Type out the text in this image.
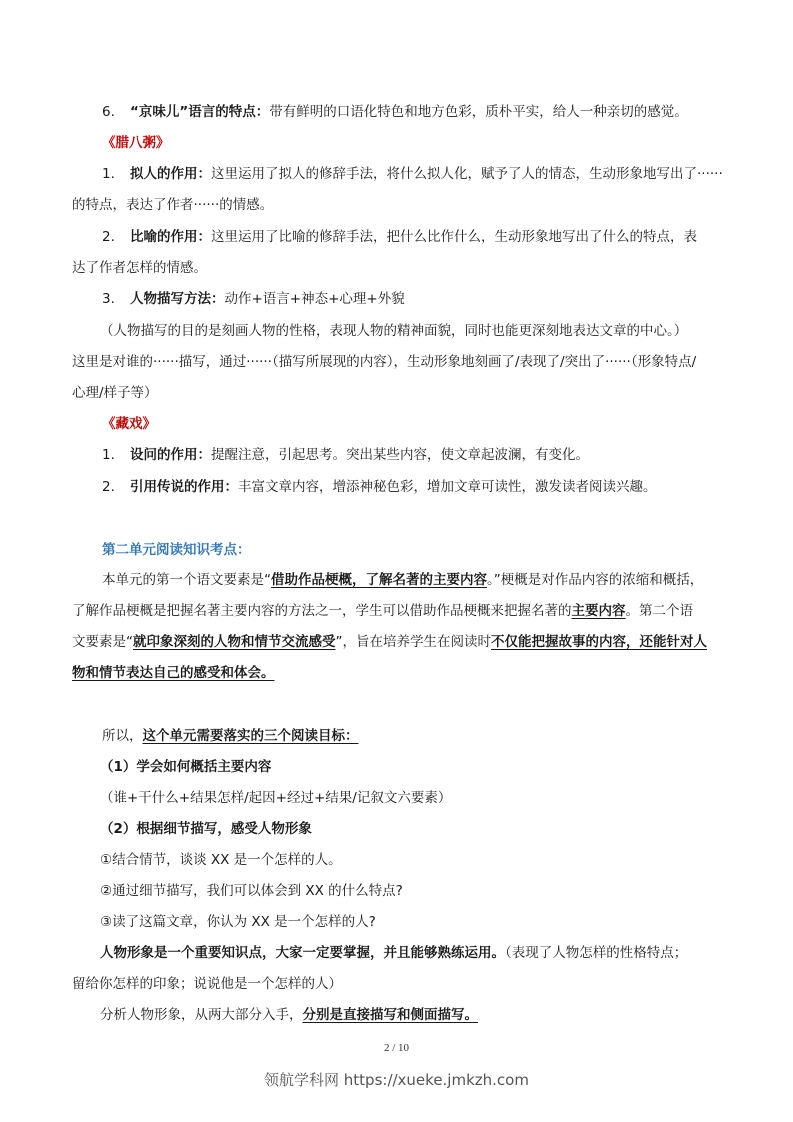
6. “京味儿”语言的特点：带有鲜明的口语化特色和地方色彩，质朴平实，给人一种亲切的感觉。
《腊八粥》
1. 拟人的作用：这里运用了拟人的修辞手法，将什么拟人化，赋予了人的情态，生动形象地写出了······
的特点，表达了作者······的情感。
2. 比喻的作用：这里运用了比喻的修辞手法，把什么比作什么，生动形象地写出了什么的特点，表
达了作者怎样的情感。
3. 人物描写方法：动作+语言+神态+心理+外貌
（人物描写的目的是刻画人物的性格，表现人物的精神面貌，同时也能更深刻地表达文章的中心。）
这里是对谁的······描写，通过······（描写所展现的内容），生动形象地刻画了/表现了/突出了······（形象特点/
心理/样子等）
《藏戏》
1. 设问的作用：提醒注意，引起思考。突出某些内容，使文章起波澜，有变化。
2. 引用传说的作用：丰富文章内容，增添神秘色彩，增加文章可读性，激发读者阅读兴趣。
第二单元阅读知识考点：
本单元的第一个语文要素是“借助作品梗概，了解名著的主要内容。”梗概是对作品内容的浓缩和概括，
了解作品梗概是把握名著主要内容的方法之一，学生可以借助作品梗概来把握名著的主要内容。第二个语
文要素是“就印象深刻的人物和情节交流感受”，旨在培养学生在阅读时不仅能把握故事的内容，还能针对人
物和情节表达自己的感受和体会。
所以，这个单元需要落实的三个阅读目标：
（1）学会如何概括主要内容
（谁+干什么+结果怎样/起因+经过+结果/记叙文六要素）
（2）根据细节描写，感受人物形象
①结合情节，谈谈 XX 是一个怎样的人。
②通过细节描写，我们可以体会到 XX 的什么特点?
③读了这篇文章，你认为 XX 是一个怎样的人?
人物形象是一个重要知识点，大家一定要掌握，并且能够熟练运用。（表现了人物怎样的性格特点；
留给你怎样的印象；说说他是一个怎样的人）
分析人物形象，从两大部分入手，分别是直接描写和侧面描写。
2 / 10
领航学科网 https://xueke.jmkzh.com
